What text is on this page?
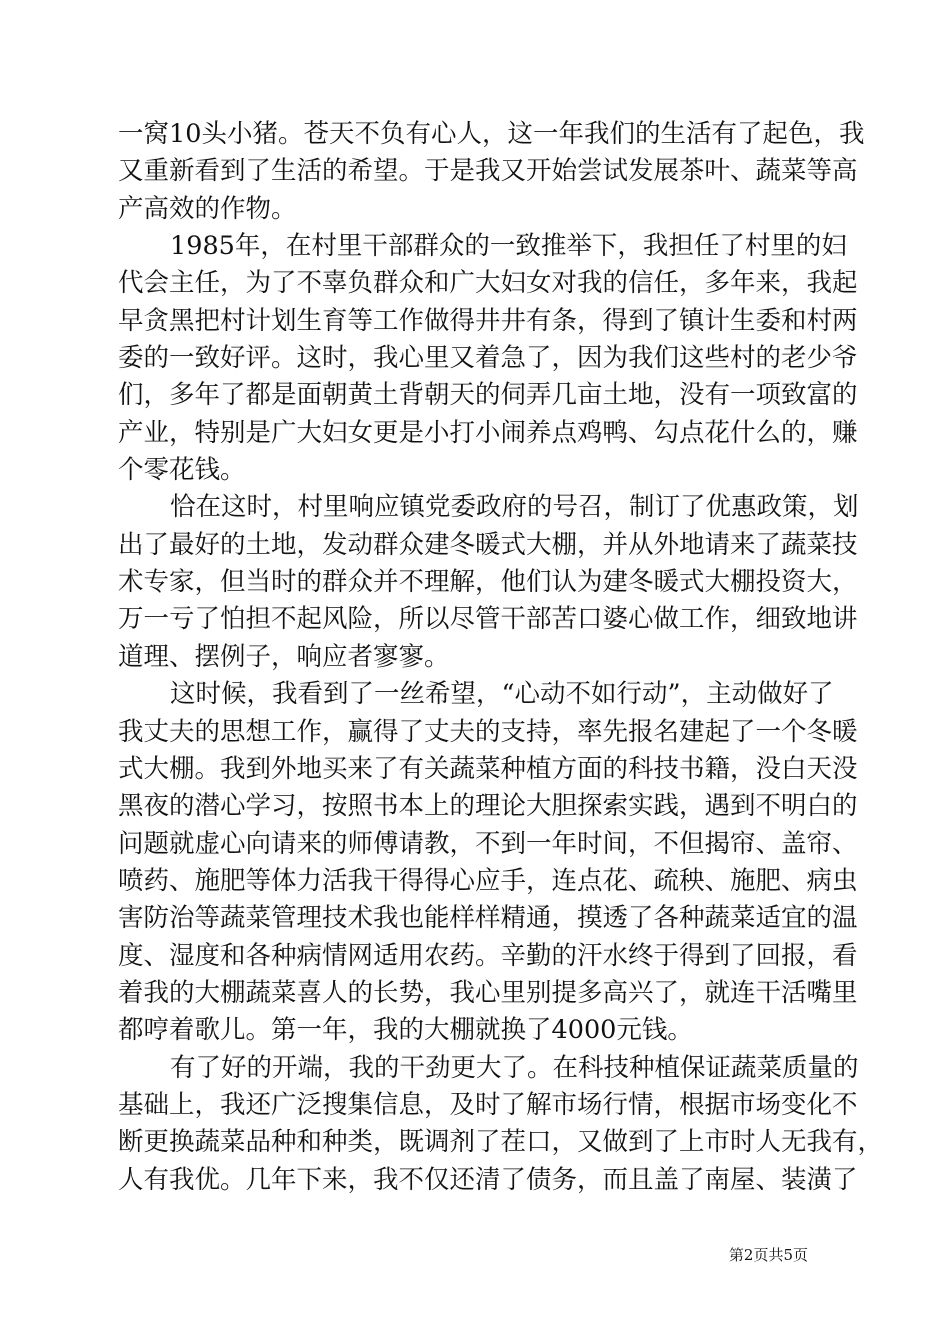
一窝10头小猪。苍天不负有心人，这一年我们的生活有了起色，我
又重新看到了生活的希望。于是我又开始尝试发展茶叶、蔬菜等高
产高效的作物。
1985年，在村里干部群众的一致推举下，我担任了村里的妇
代会主任，为了不辜负群众和广大妇女对我的信任，多年来，我起
早贪黑把村计划生育等工作做得井井有条，得到了镇计生委和村两
委的一致好评。这时，我心里又着急了，因为我们这些村的老少爷
们，多年了都是面朝黄土背朝天的伺弄几亩土地，没有一项致富的
产业，特别是广大妇女更是小打小闹养点鸡鸭、勾点花什么的，赚
个零花钱。
恰在这时，村里响应镇党委政府的号召，制订了优惠政策，划
出了最好的土地，发动群众建冬暖式大棚，并从外地请来了蔬菜技
术专家，但当时的群众并不理解，他们认为建冬暖式大棚投资大，
万一亏了怕担不起风险，所以尽管干部苦口婆心做工作，细致地讲
道理、摆例子，响应者寥寥。
这时候，我看到了一丝希望，“心动不如行动”，主动做好了
我丈夫的思想工作，赢得了丈夫的支持，率先报名建起了一个冬暖
式大棚。我到外地买来了有关蔬菜种植方面的科技书籍，没白天没
黑夜的潜心学习，按照书本上的理论大胆探索实践，遇到不明白的
问题就虚心向请来的师傅请教，不到一年时间，不但揭帘、盖帘、
喷药、施肥等体力活我干得得心应手，连点花、疏秧、施肥、病虫
害防治等蔬菜管理技术我也能样样精通，摸透了各种蔬菜适宜的温
度、湿度和各种病情网适用农药。辛勤的汗水终于得到了回报，看
着我的大棚蔬菜喜人的长势，我心里别提多高兴了，就连干活嘴里
都哼着歌儿。第一年，我的大棚就换了4000元钱。
有了好的开端，我的干劲更大了。在科技种植保证蔬菜质量的
基础上，我还广泛搜集信息，及时了解市场行情，根据市场变化不
断更换蔬菜品种和种类，既调剂了茬口，又做到了上市时人无我有，
人有我优。几年下来，我不仅还清了债务，而且盖了南屋、装潢了
第2页共5页
